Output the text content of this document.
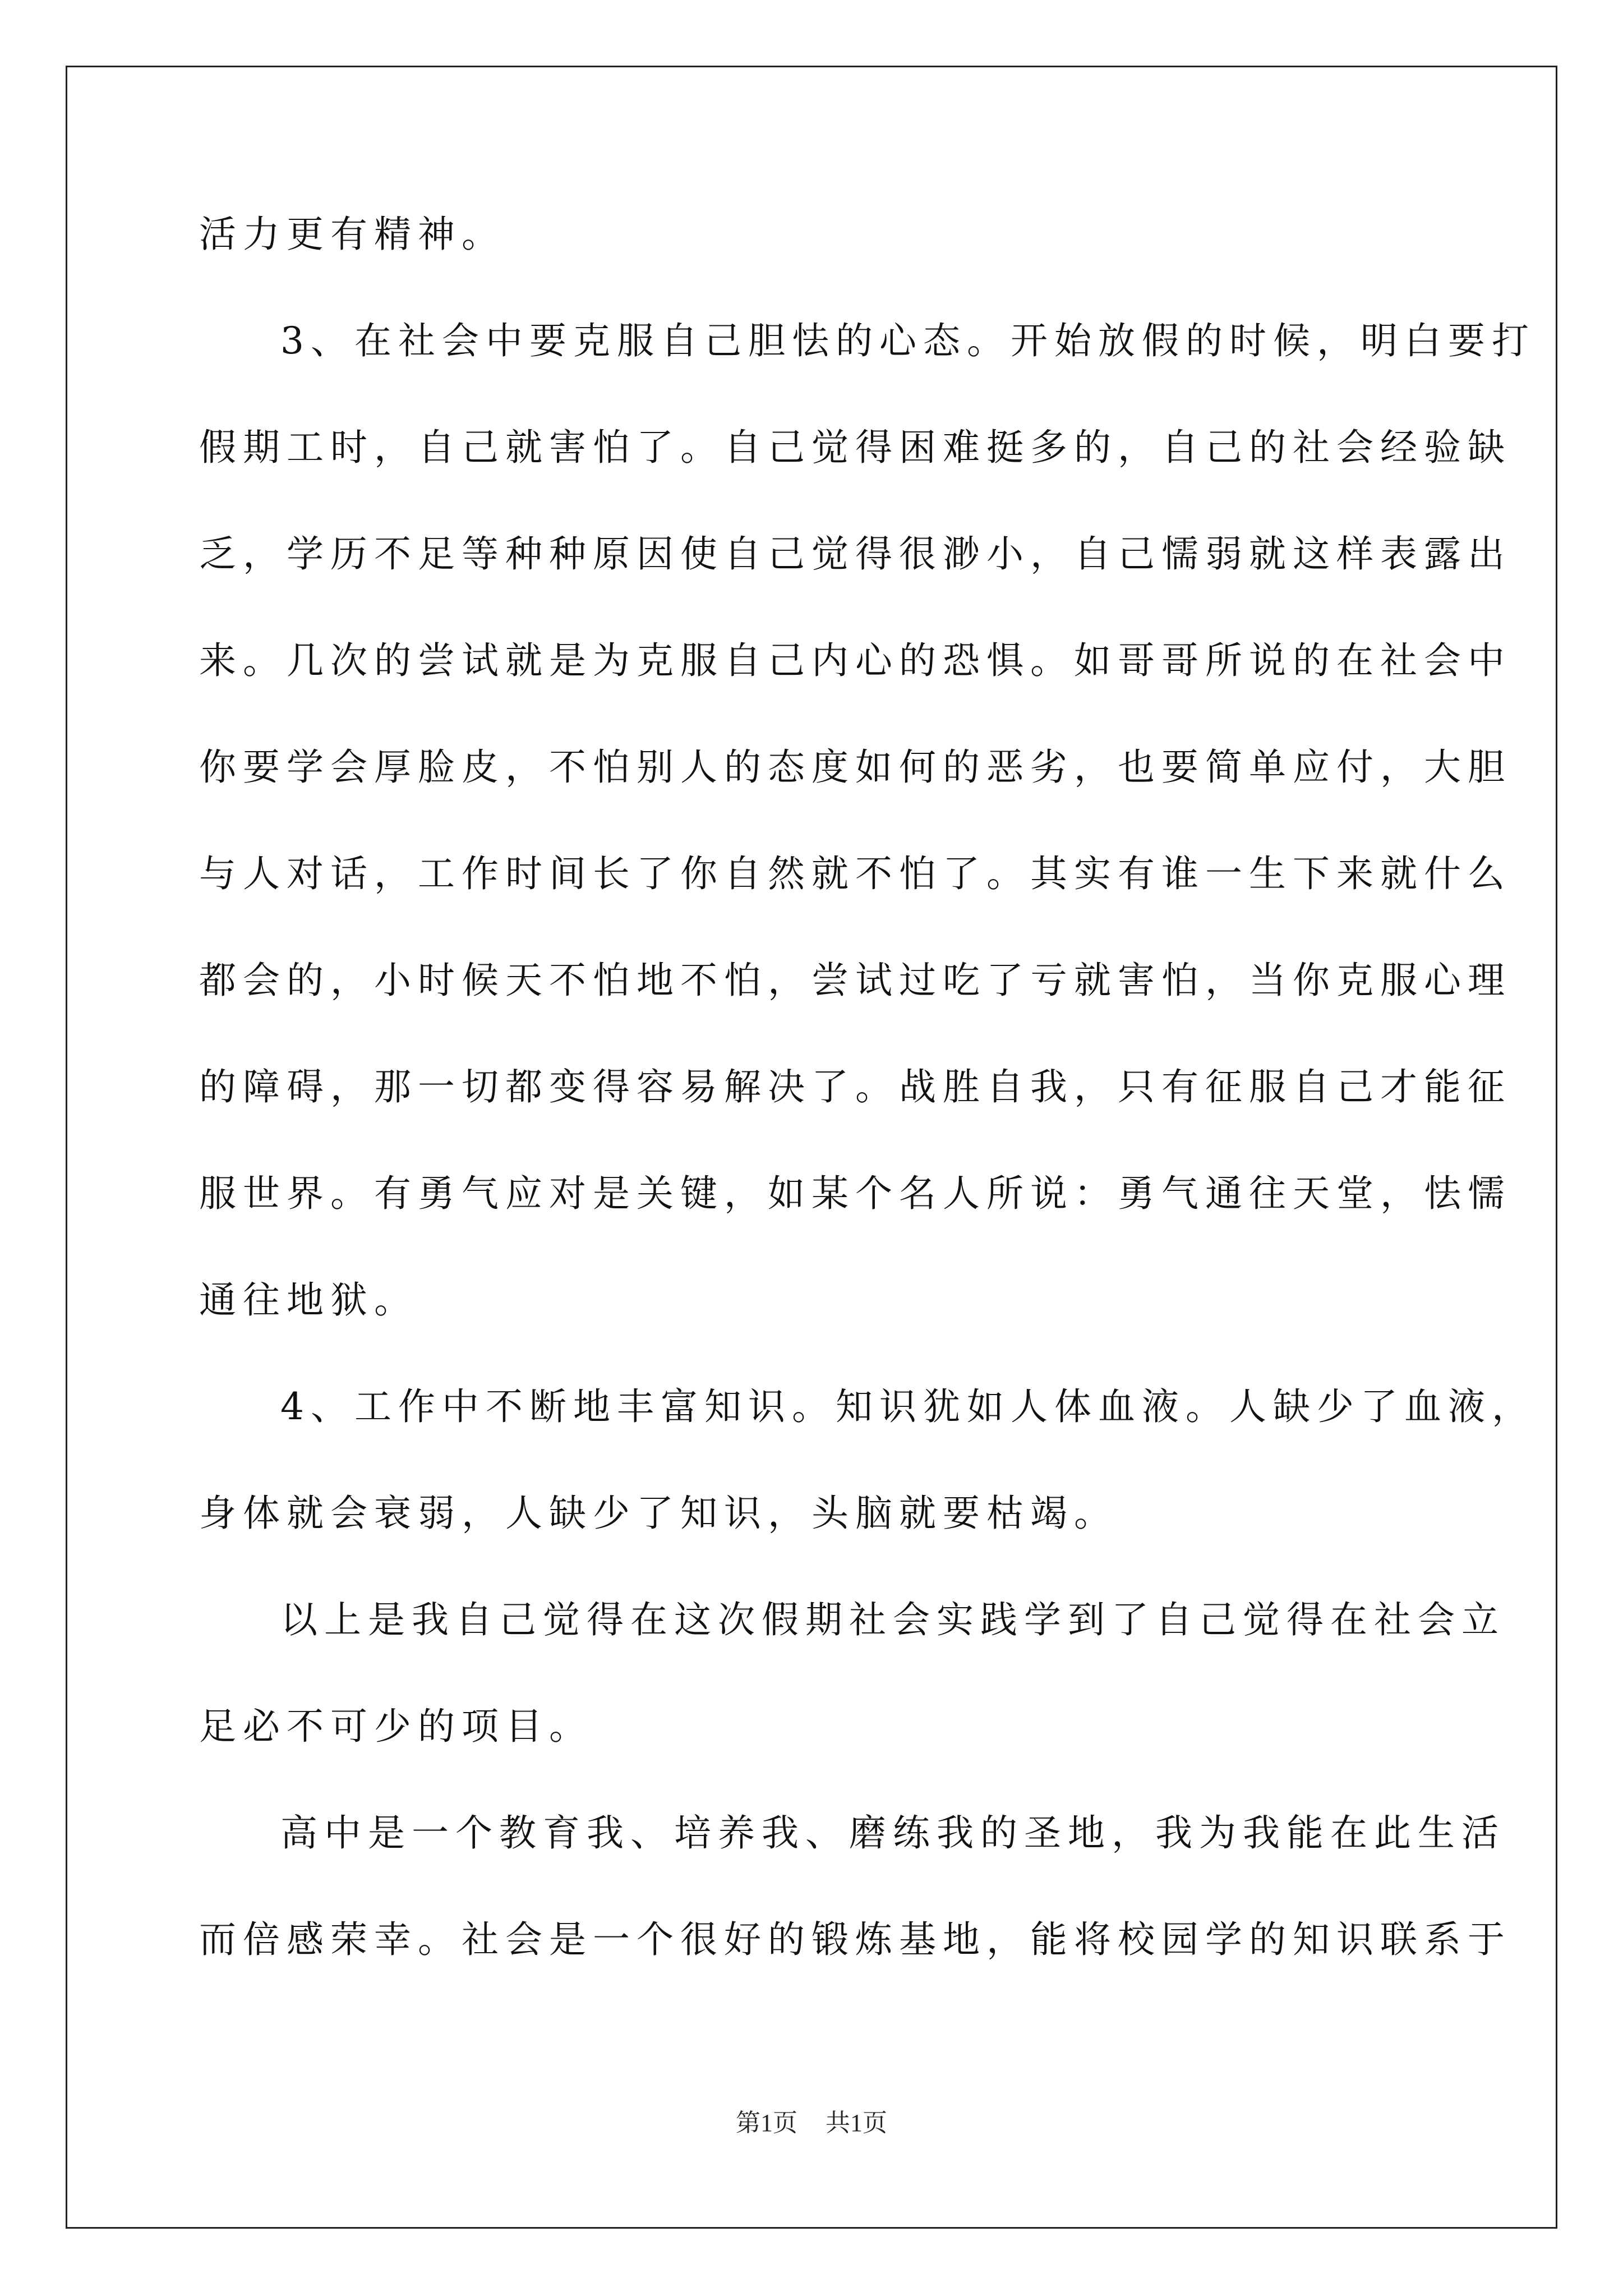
活力更有精神。
3、在社会中要克服自己胆怯的心态。开始放假的时候，明白要打
假期工时，自己就害怕了。自己觉得困难挺多的，自己的社会经验缺
乏，学历不足等种种原因使自己觉得很渺小，自己懦弱就这样表露出
来。几次的尝试就是为克服自己内心的恐惧。如哥哥所说的在社会中
你要学会厚脸皮，不怕别人的态度如何的恶劣，也要简单应付，大胆
与人对话，工作时间长了你自然就不怕了。其实有谁一生下来就什么
都会的，小时候天不怕地不怕，尝试过吃了亏就害怕，当你克服心理
的障碍，那一切都变得容易解决了。战胜自我，只有征服自己才能征
服世界。有勇气应对是关键，如某个名人所说：勇气通往天堂，怯懦
通往地狱。
4、工作中不断地丰富知识。知识犹如人体血液。人缺少了血液，
身体就会衰弱，人缺少了知识，头脑就要枯竭。
以上是我自己觉得在这次假期社会实践学到了自己觉得在社会立
足必不可少的项目。
高中是一个教育我、培养我、磨练我的圣地，我为我能在此生活
而倍感荣幸。社会是一个很好的锻炼基地，能将校园学的知识联系于
第1页 共1页
